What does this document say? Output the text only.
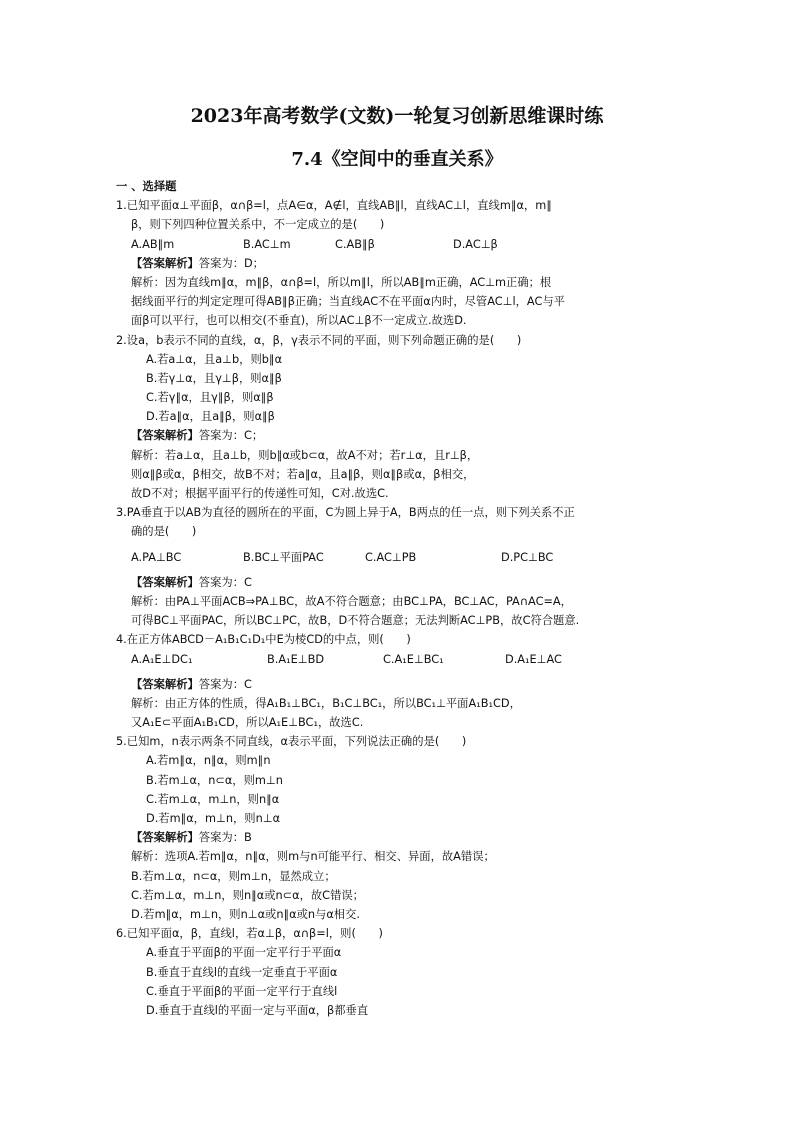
2023年高考数学(文数)一轮复习创新思维课时练
7.4《空间中的垂直关系》
一 、选择题
1.已知平面α⊥平面β，α∩β=l，点A∈α，A∉l，直线AB∥l，直线AC⊥l，直线m∥α，m∥
β，则下列四种位置关系中，不一定成立的是(　　)
A.AB∥m	B.AC⊥m	C.AB∥β	D.AC⊥β
【答案解析】答案为：D；
解析：因为直线m∥α，m∥β，α∩β=l，所以m∥l，所以AB∥m正确，AC⊥m正确；根
据线面平行的判定定理可得AB∥β正确；当直线AC不在平面α内时，尽管AC⊥l，AC与平
面β可以平行，也可以相交(不垂直)，所以AC⊥β不一定成立.故选D.
2.设a，b表示不同的直线，α，β，γ表示不同的平面，则下列命题正确的是(　　)
A.若a⊥α，且a⊥b，则b∥α
B.若γ⊥α，且γ⊥β，则α∥β
C.若γ∥α，且γ∥β，则α∥β
D.若a∥α，且a∥β，则α∥β
【答案解析】答案为：C；
解析：若a⊥α，且a⊥b，则b∥α或b⊂α，故A不对；若r⊥α，且r⊥β，
则α∥β或α，β相交，故B不对；若a∥α，且a∥β，则α∥β或α，β相交，
故D不对；根据平面平行的传递性可知，C对.故选C.
3.PA垂直于以AB为直径的圆所在的平面，C为圆上异于A，B两点的任一点，则下列关系不正
确的是(　　)
A.PA⊥BC	B.BC⊥平面PAC	C.AC⊥PB	D.PC⊥BC
【答案解析】答案为：C
解析：由PA⊥平面ACB⇒PA⊥BC，故A不符合题意；由BC⊥PA，BC⊥AC，PA∩AC=A，
可得BC⊥平面PAC，所以BC⊥PC，故B，D不符合题意；无法判断AC⊥PB，故C符合题意.
4.在正方体ABCD－A₁B₁C₁D₁中E为棱CD的中点，则(　　)
A.A₁E⊥DC₁	B.A₁E⊥BD	C.A₁E⊥BC₁	D.A₁E⊥AC
【答案解析】答案为：C
解析：由正方体的性质，得A₁B₁⊥BC₁，B₁C⊥BC₁，所以BC₁⊥平面A₁B₁CD，
又A₁E⊂平面A₁B₁CD，所以A₁E⊥BC₁，故选C.
5.已知m，n表示两条不同直线，α表示平面，下列说法正确的是(　　)
A.若m∥α，n∥α，则m∥n
B.若m⊥α，n⊂α，则m⊥n
C.若m⊥α，m⊥n，则n∥α
D.若m∥α，m⊥n，则n⊥α
【答案解析】答案为：B
解析：选项A.若m∥α，n∥α，则m与n可能平行、相交、异面，故A错误；
B.若m⊥α，n⊂α，则m⊥n，显然成立；
C.若m⊥α，m⊥n，则n∥α或n⊂α，故C错误；
D.若m∥α，m⊥n，则n⊥α或n∥α或n与α相交.
6.已知平面α，β，直线l，若α⊥β，α∩β=l，则(　　)
A.垂直于平面β的平面一定平行于平面α
B.垂直于直线l的直线一定垂直于平面α
C.垂直于平面β的平面一定平行于直线l
D.垂直于直线l的平面一定与平面α，β都垂直
